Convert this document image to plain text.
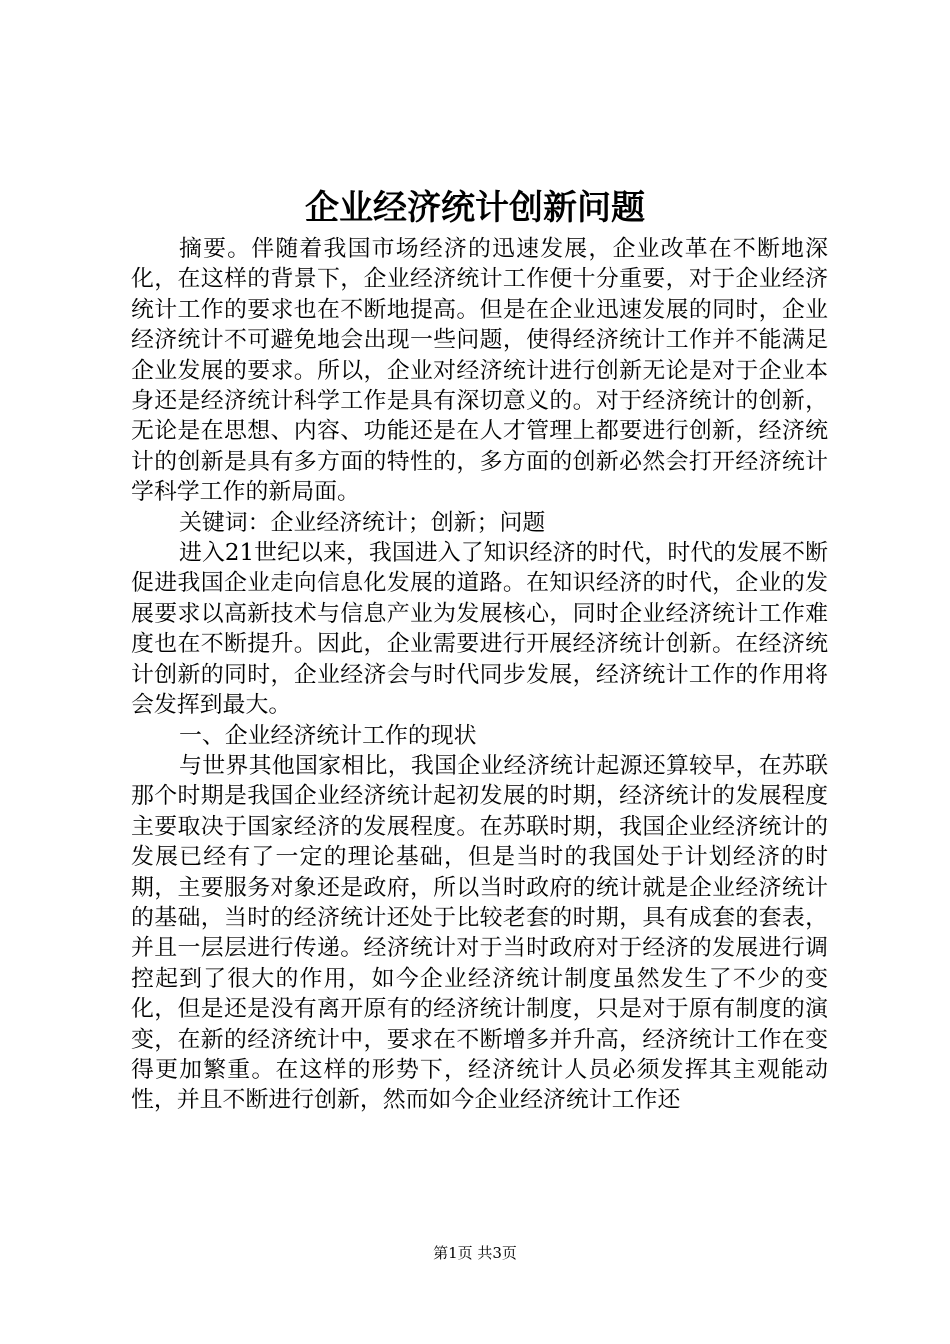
企业经济统计创新问题

摘要。伴随着我国市场经济的迅速发展，企业改革在不断地深化，在这样的背景下，企业经济统计工作便十分重要，对于企业经济统计工作的要求也在不断地提高。但是在企业迅速发展的同时，企业经济统计不可避免地会出现一些问题，使得经济统计工作并不能满足企业发展的要求。所以，企业对经济统计进行创新无论是对于企业本身还是经济统计科学工作是具有深切意义的。对于经济统计的创新，无论是在思想、内容、功能还是在人才管理上都要进行创新，经济统计的创新是具有多方面的特性的，多方面的创新必然会打开经济统计学科学工作的新局面。

关键词：企业经济统计；创新；问题

进入21世纪以来，我国进入了知识经济的时代，时代的发展不断促进我国企业走向信息化发展的道路。在知识经济的时代，企业的发展要求以高新技术与信息产业为发展核心，同时企业经济统计工作难度也在不断提升。因此，企业需要进行开展经济统计创新。在经济统计创新的同时，企业经济会与时代同步发展，经济统计工作的作用将会发挥到最大。

一、企业经济统计工作的现状

与世界其他国家相比，我国企业经济统计起源还算较早，在苏联那个时期是我国企业经济统计起初发展的时期，经济统计的发展程度主要取决于国家经济的发展程度。在苏联时期，我国企业经济统计的发展已经有了一定的理论基础，但是当时的我国处于计划经济的时期，主要服务对象还是政府，所以当时政府的统计就是企业经济统计的基础，当时的经济统计还处于比较老套的时期，具有成套的套表，并且一层层进行传递。经济统计对于当时政府对于经济的发展进行调控起到了很大的作用，如今企业经济统计制度虽然发生了不少的变化，但是还是没有离开原有的经济统计制度，只是对于原有制度的演变，在新的经济统计中，要求在不断增多并升高，经济统计工作在变得更加繁重。在这样的形势下，经济统计人员必须发挥其主观能动性，并且不断进行创新，然而如今企业经济统计工作还

第1页 共3页
